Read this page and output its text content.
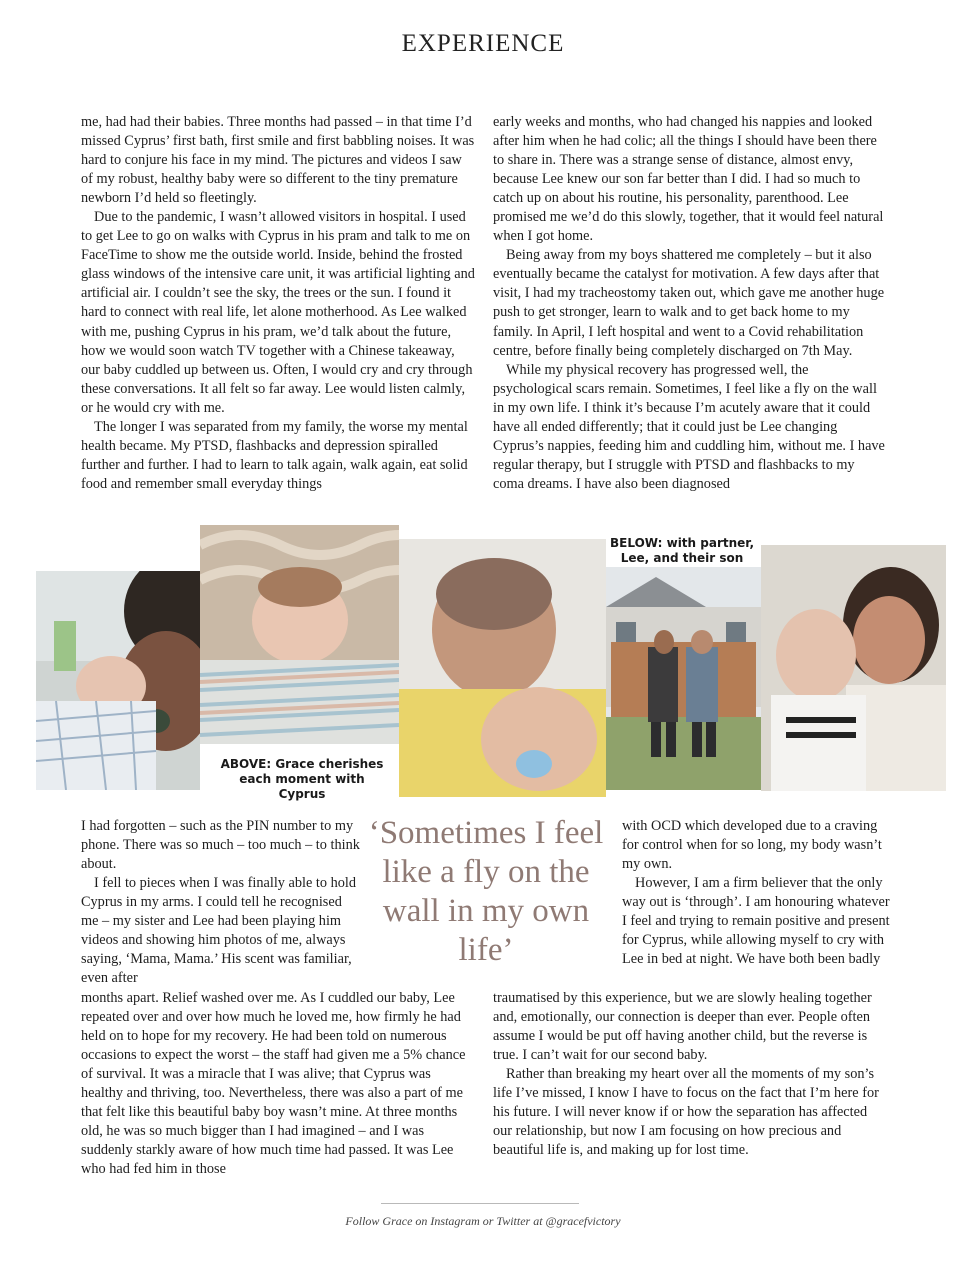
EXPERIENCE

me, had had their babies. Three months had passed – in that time I’d missed Cyprus’ first bath, first smile and first babbling noises. It was hard to conjure his face in my mind. The pictures and videos I saw of my robust, healthy baby were so different to the tiny premature newborn I’d held so fleetingly.

Due to the pandemic, I wasn’t allowed visitors in hospital. I used to get Lee to go on walks with Cyprus in his pram and talk to me on FaceTime to show me the outside world. Inside, behind the frosted glass windows of the intensive care unit, it was artificial lighting and artificial air. I couldn’t see the sky, the trees or the sun. I found it hard to connect with real life, let alone motherhood. As Lee walked with me, pushing Cyprus in his pram, we’d talk about the future, how we would soon watch TV together with a Chinese takeaway, our baby cuddled up between us. Often, I would cry and cry through these conversations. It all felt so far away. Lee would listen calmly, or he would cry with me.

The longer I was separated from my family, the worse my mental health became. My PTSD, flashbacks and depression spiralled further and further. I had to learn to talk again, walk again, eat solid food and remember small everyday things

early weeks and months, who had changed his nappies and looked after him when he had colic; all the things I should have been there to share in. There was a strange sense of distance, almost envy, because Lee knew our son far better than I did. I had so much to catch up on about his routine, his personality, parenthood. Lee promised me we’d do this slowly, together, that it would feel natural when I got home.

Being away from my boys shattered me completely – but it also eventually became the catalyst for motivation. A few days after that visit, I had my tracheostomy taken out, which gave me another huge push to get stronger, learn to walk and to get back home to my family. In April, I left hospital and went to a Covid rehabilitation centre, before finally being completely discharged on 7th May.

While my physical recovery has progressed well, the psychological scars remain. Sometimes, I feel like a fly on the wall in my own life. I think it’s because I’m acutely aware that it could have all ended differently; that it could just be Lee changing Cyprus’s nappies, feeding him and cuddling him, without me. I have regular therapy, but I struggle with PTSD and flashbacks to my coma dreams. I have also been diagnosed

ABOVE: Grace cherishes each moment with Cyprus
BELOW: with partner, Lee, and their son

I had forgotten – such as the PIN number to my phone. There was so much – too much – to think about.

I fell to pieces when I was finally able to hold Cyprus in my arms. I could tell he recognised me – my sister and Lee had been playing him videos and showing him photos of me, always saying, ‘Mama, Mama.’ His scent was familiar, even after

months apart. Relief washed over me. As I cuddled our baby, Lee repeated over and over how much he loved me, how firmly he had held on to hope for my recovery. He had been told on numerous occasions to expect the worst – the staff had given me a 5% chance of survival. It was a miracle that I was alive; that Cyprus was healthy and thriving, too. Nevertheless, there was also a part of me that felt like this beautiful baby boy wasn’t mine. At three months old, he was so much bigger than I had imagined – and I was suddenly starkly aware of how much time had passed. It was Lee who had fed him in those

‘Sometimes I feel like a fly on the wall in my own life’

with OCD which developed due to a craving for control when for so long, my body wasn’t my own.

However, I am a firm believer that the only way out is ‘through’. I am honouring whatever I feel and trying to remain positive and present for Cyprus, while allowing myself to cry with Lee in bed at night. We have both been badly

traumatised by this experience, but we are slowly healing together and, emotionally, our connection is deeper than ever. People often assume I would be put off having another child, but the reverse is true. I can’t wait for our second baby.

Rather than breaking my heart over all the moments of my son’s life I’ve missed, I know I have to focus on the fact that I’m here for his future. I will never know if or how the separation has affected our relationship, but now I am focusing on how precious and beautiful life is, and making up for lost time.

Follow Grace on Instagram or Twitter at @gracefvictory
